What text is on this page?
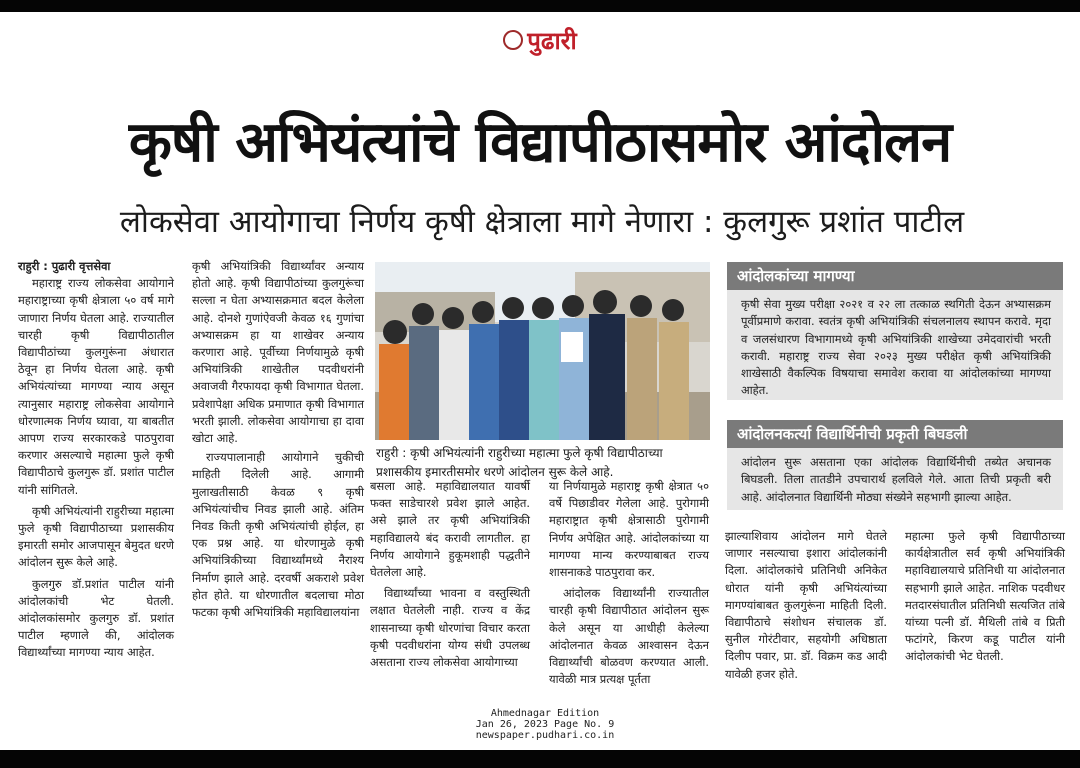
पुढारी
कृषी अभियंत्यांचे विद्यापीठासमोर आंदोलन
लोकसेवा आयोगाचा निर्णय कृषी क्षेत्राला मागे नेणारा : कुलगुरू प्रशांत पाटील

राहुरी : पुढारी वृत्तसेवा

महाराष्ट्र राज्य लोकसेवा आयोगाने महाराष्ट्राच्या कृषी क्षेत्राला ५० वर्ष मागे जाणारा निर्णय घेतला आहे. राज्यातील चारही कृषी विद्यापीठातील विद्यापीठांच्या कुलगुरूंना अंधारात ठेवून हा निर्णय घेतला आहे. कृषी अभियंत्यांच्या मागण्या न्याय असून त्यानुसार महाराष्ट्र लोकसेवा आयोगाने धोरणात्मक निर्णय घ्यावा, या बाबतीत आपण राज्य सरकारकडे पाठपुरावा करणार असल्याचे महात्मा फुले कृषी विद्यापीठाचे कुलगुरू डॉ. प्रशांत पाटील यांनी सांगितले.

कृषी अभियंत्यांनी राहुरीच्या महात्मा फुले कृषी विद्यापीठाच्या प्रशासकीय इमारती समोर आजपासून बेमुदत धरणे आंदोलन सुरू केले आहे.

कुलगुरु डॉ.प्रशांत पाटील यांनी आंदोलकांची भेट घेतली. आंदोलकांसमोर कुलगुरु डॉ. प्रशांत पाटील म्हणाले की, आंदोलक विद्यार्थ्यांच्या मागण्या न्याय आहेत.

कृषी अभियांत्रिकी विद्यार्थ्यांवर अन्याय होतो आहे. कृषी विद्यापीठांच्या कुलगुरूंचा सल्ला न घेता अभ्यासक्रमात बदल केलेला आहे. दोनशे गुणांऐवजी केवळ १६ गुणांचा अभ्यासक्रम हा या शाखेवर अन्याय करणारा आहे. पूर्वीच्या निर्णयामुळे कृषी अभियांत्रिकी शाखेतील पदवीधरांनी अवाजवी गैरफायदा कृषी विभागात घेतला. प्रवेशापेक्षा अधिक प्रमाणात कृषी विभागात भरती झाली. लोकसेवा आयोगाचा हा दावा खोटा आहे.

राज्यपालानाही आयोगाने चुकीची माहिती दिलेली आहे. आगामी मुलाखतीसाठी केवळ ९ कृषी अभियंत्यांचीच निवड झाली आहे. अंतिम निवड किती कृषी अभियंत्यांची होईल, हा एक प्रश्न आहे. या धोरणामुळे कृषी अभियांत्रिकीच्या विद्यार्थ्यांमध्ये नैराश्य निर्माण झाले आहे. दरवर्षी अकराशे प्रवेश होत होते. या धोरणातील बदलाचा मोठा फटका कृषी अभियांत्रिकी महाविद्यालयांना

राहुरी : कृषी अभियंत्यांनी राहुरीच्या महात्मा फुले कृषी विद्यापीठाच्या प्रशासकीय इमारतीसमोर धरणे आंदोलन सुरू केले आहे.
आंदोलकांच्या मागण्या
कृषी सेवा मुख्य परीक्षा २०२१ व २२ ला तत्काळ स्थगिती देऊन अभ्यासक्रम पूर्वीप्रमाणे करावा. स्वतंत्र कृषी अभियांत्रिकी संचलनालय स्थापन करावे. मृदा व जलसंधारण विभागामध्ये कृषी अभियांत्रिकी शाखेच्या उमेदवारांची भरती करावी. महाराष्ट्र राज्य सेवा २०२३ मुख्य परीक्षेत कृषी अभियांत्रिकी शाखेसाठी वैकल्पिक विषयाचा समावेश करावा या आंदोलकांच्या मागण्या आहेत.
आंदोलनकर्त्या विद्यार्थिनीची प्रकृती बिघडली
आंदोलन सुरू असताना एका आंदोलक विद्यार्थिनीची तब्येत अचानक बिघडली. तिला तातडीने उपचारार्थ हलविले गेले. आता तिची प्रकृती बरी आहे. आंदोलनात विद्यार्थिनी मोठ्या संख्येने सहभागी झाल्या आहेत.

बसला आहे. महाविद्यालयात यावर्षी फक्त साडेचारशे प्रवेश झाले आहेत. असे झाले तर कृषी अभियांत्रिकी महाविद्यालये बंद करावी लागतील. हा निर्णय आयोगाने हुकूमशाही पद्धतीने घेतलेला आहे.

विद्यार्थ्यांच्या भावना व वस्तुस्थिती लक्षात घेतलेली नाही. राज्य व केंद्र शासनाच्या कृषी धोरणांचा विचार करता कृषी पदवीधरांना योग्य संधी उपलब्ध असताना राज्य लोकसेवा आयोगाच्या

या निर्णयामुळे महाराष्ट्र कृषी क्षेत्रात ५० वर्षे पिछाडीवर गेलेला आहे. पुरोगामी महाराष्ट्रात कृषी क्षेत्रासाठी पुरोगामी निर्णय अपेक्षित आहे. आंदोलकांच्या या मागण्या मान्य करण्याबाबत राज्य शासनाकडे पाठपुरावा कर.

आंदोलक विद्यार्थ्यांनी राज्यातील चारही कृषी विद्यापीठात आंदोलन सुरू केले असून या आधीही केलेल्या आंदोलनात केवळ आश्वासन देऊन विद्यार्थ्यांची बोळवण करण्यात आली. यावेळी मात्र प्रत्यक्ष पूर्तता

झाल्याशिवाय आंदोलन मागे घेतले जाणार नसल्याचा इशारा आंदोलकांनी दिला. आंदोलकांचे प्रतिनिधी अनिकेत धोरात यांनी कृषी अभियंत्यांच्या मागण्यांबाबत कुलगुरूंना माहिती दिली. विद्यापीठाचे संशोधन संचालक डॉ. सुनील गोरंटीवार, सहयोगी अधिष्ठाता दिलीप पवार, प्रा. डॉ. विक्रम कड आदी यावेळी हजर होते.

महात्मा फुले कृषी विद्यापीठाच्या कार्यक्षेत्रातील सर्व कृषी अभियांत्रिकी महाविद्यालयाचे प्रतिनिधी या आंदोलनात सहभागी झाले आहेत. नाशिक पदवीधर मतदारसंघातील प्रतिनिधी सत्यजित तांबे यांच्या पत्नी डॉ. मैथिली तांबे व प्रिती फटांगरे, किरण कडू पाटील यांनी आंदोलकांची भेट घेतली.

Ahmednagar Edition
Jan 26, 2023 Page No. 9
newspaper.pudhari.co.in
